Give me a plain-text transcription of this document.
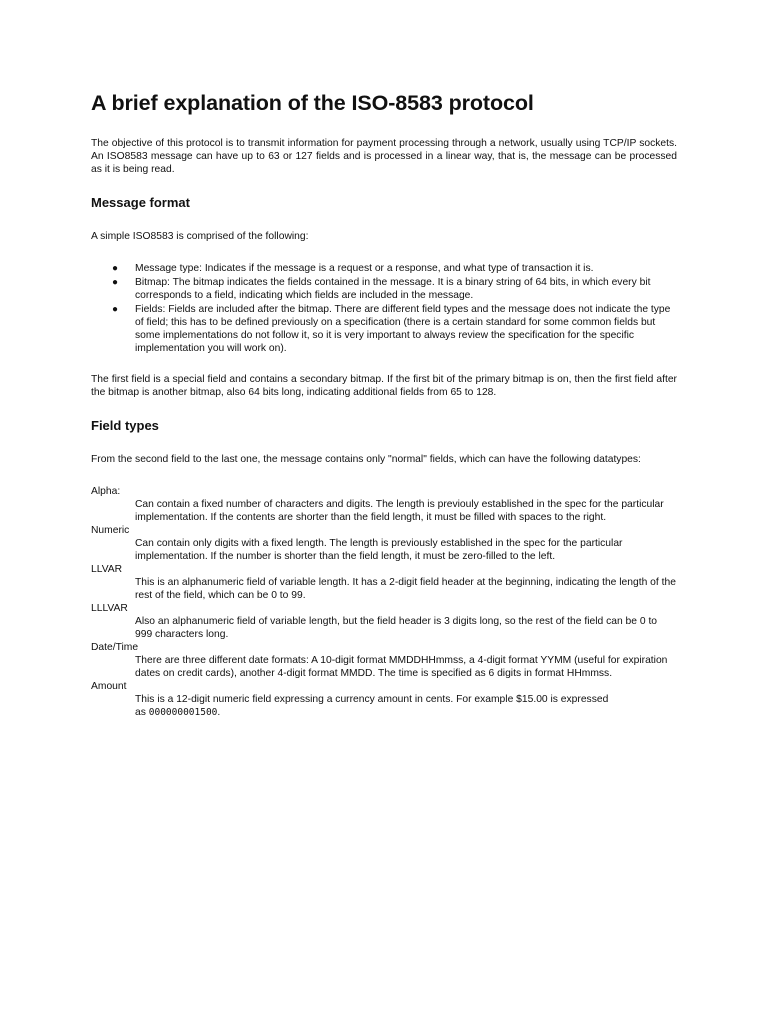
A brief explanation of the ISO-8583 protocol

The objective of this protocol is to transmit information for payment processing through a network, usually using TCP/IP sockets. An ISO8583 message can have up to 63 or 127 fields and is processed in a linear way, that is, the message can be processed as it is being read.

Message format

A simple ISO8583 is comprised of the following:

● Message type: Indicates if the message is a request or a response, and what type of transaction it is.
● Bitmap: The bitmap indicates the fields contained in the message. It is a binary string of 64 bits, in which every bit corresponds to a field, indicating which fields are included in the message.
● Fields: Fields are included after the bitmap. There are different field types and the message does not indicate the type of field; this has to be defined previously on a specification (there is a certain standard for some common fields but some implementations do not follow it, so it is very important to always review the specification for the specific implementation you will work on).

The first field is a special field and contains a secondary bitmap. If the first bit of the primary bitmap is on, then the first field after the bitmap is another bitmap, also 64 bits long, indicating additional fields from 65 to 128.

Field types

From the second field to the last one, the message contains only "normal" fields, which can have the following datatypes:

Alpha:
Can contain a fixed number of characters and digits. The length is previouly established in the spec for the particular implementation. If the contents are shorter than the field length, it must be filled with spaces to the right.
Numeric
Can contain only digits with a fixed length. The length is previously established in the spec for the particular implementation. If the number is shorter than the field length, it must be zero-filled to the left.
LLVAR
This is an alphanumeric field of variable length. It has a 2-digit field header at the beginning, indicating the length of the rest of the field, which can be 0 to 99.
LLLVAR
Also an alphanumeric field of variable length, but the field header is 3 digits long, so the rest of the field can be 0 to 999 characters long.
Date/Time
There are three different date formats: A 10-digit format MMDDHHmmss, a 4-digit format YYMM (useful for expiration dates on credit cards), another 4-digit format MMDD. The time is specified as 6 digits in format HHmmss.
Amount
This is a 12-digit numeric field expressing a currency amount in cents. For example $15.00 is expressed
as 000000001500.
